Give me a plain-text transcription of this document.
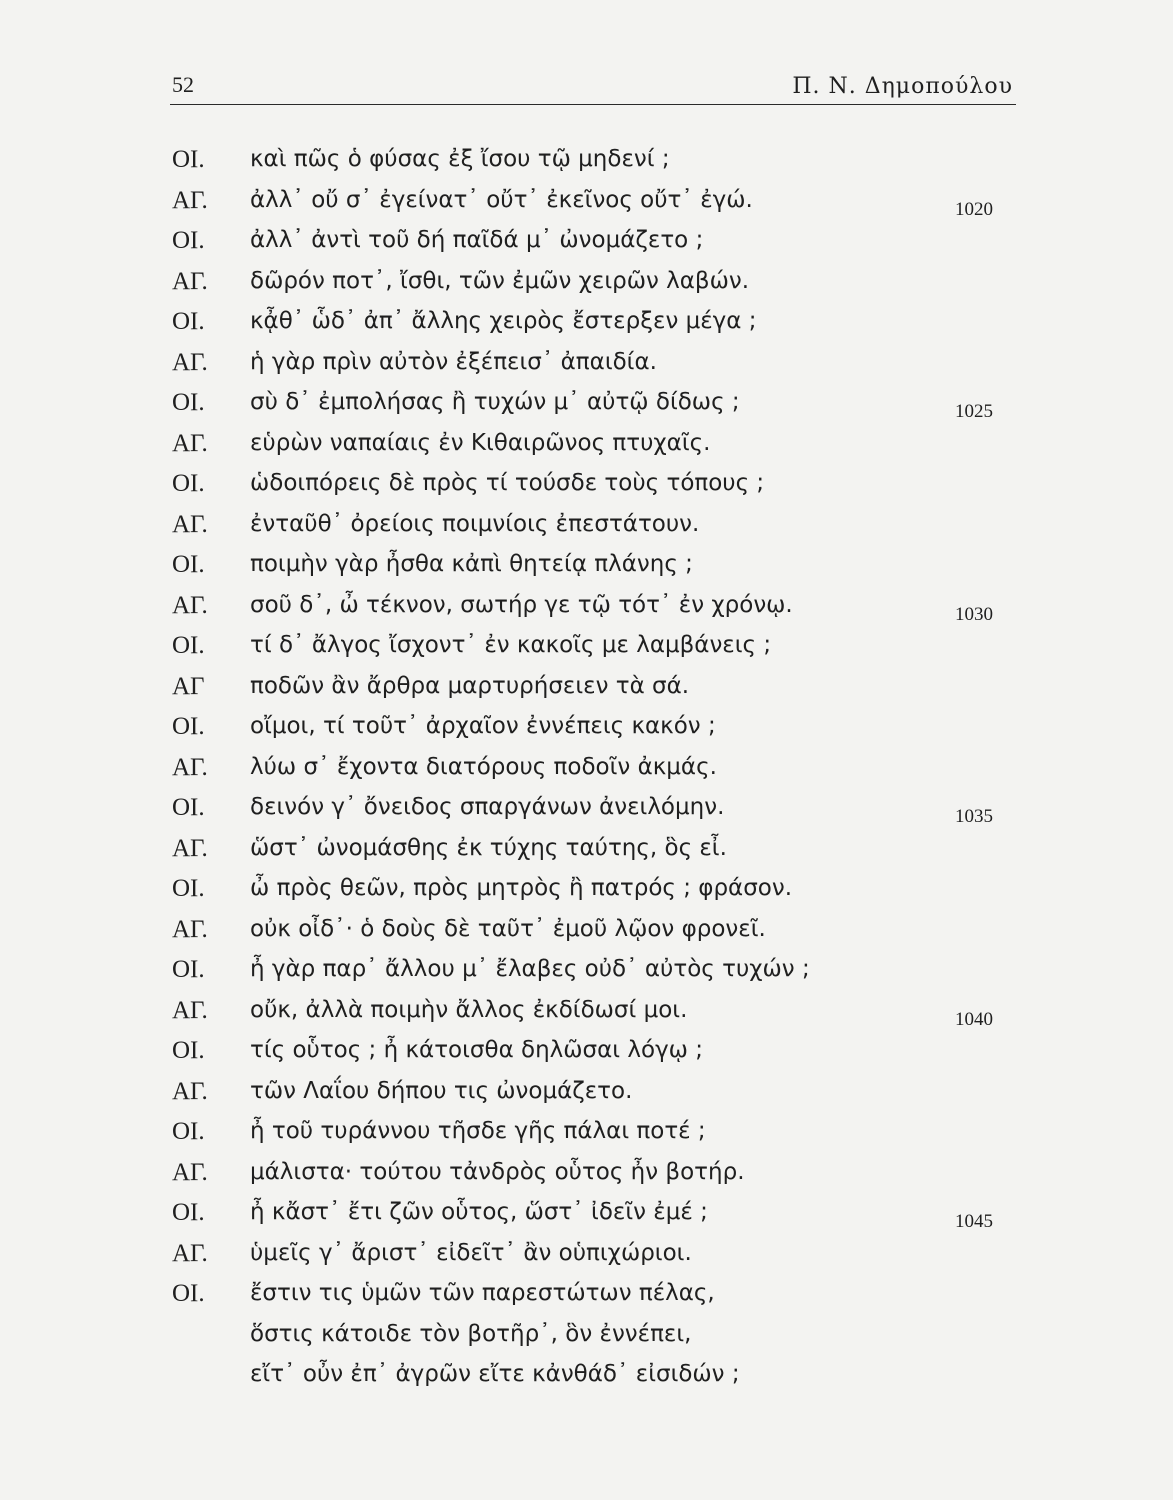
52	Π. Ν. Δημοπούλου
ΟΙ. καὶ πῶς ὁ φύσας ἐξ ἴσου τῷ μηδενί ;
ΑΓ. ἀλλ᾽ οὔ σ᾽ ἐγείνατ᾽ οὔτ᾽ ἐκεῖνος οὔτ᾽ ἐγώ.	1020
ΟΙ. ἀλλ᾽ ἀντὶ τοῦ δή παῖδά μ᾽ ὠνομάζετο ;
ΑΓ. δῶρόν ποτ᾽, ἴσθι, τῶν ἐμῶν χειρῶν λαβών.
ΟΙ. κᾆθ᾽ ὧδ᾽ ἀπ᾽ ἄλλης χειρὸς ἔστερξεν μέγα ;
ΑΓ. ἡ γὰρ πρὶν αὐτὸν ἐξέπεισ᾽ ἀπαιδία.
ΟΙ. σὺ δ᾽ ἐμπολήσας ἢ τυχών μ᾽ αὐτῷ δίδως ;	1025
ΑΓ. εὑρὼν ναπαίαις ἐν Κιθαιρῶνος πτυχαῖς.
ΟΙ. ὡδοιπόρεις δὲ πρὸς τί τούσδε τοὺς τόπους ;
ΑΓ. ἐνταῦθ᾽ ὀρείοις ποιμνίοις ἐπεστάτουν.
ΟΙ. ποιμὴν γὰρ ἦσθα κἀπὶ θητείᾳ πλάνης ;
ΑΓ. σοῦ δ᾽, ὦ τέκνον, σωτήρ γε τῷ τότ᾽ ἐν χρόνῳ.	1030
ΟΙ. τί δ᾽ ἄλγος ἴσχοντ᾽ ἐν κακοῖς με λαμβάνεις ;
ΑΓ ποδῶν ἂν ἄρθρα μαρτυρήσειεν τὰ σά.
ΟΙ. οἴμοι, τί τοῦτ᾽ ἀρχαῖον ἐννέπεις κακόν ;
ΑΓ. λύω σ᾽ ἔχοντα διατόρους ποδοῖν ἀκμάς.
ΟΙ. δεινόν γ᾽ ὄνειδος σπαργάνων ἀνειλόμην.	1035
ΑΓ. ὥστ᾽ ὠνομάσθης ἐκ τύχης ταύτης, ὃς εἶ.
ΟΙ. ὦ πρὸς θεῶν, πρὸς μητρὸς ἢ πατρός ; φράσον.
ΑΓ. οὐκ οἶδ᾽· ὁ δοὺς δὲ ταῦτ᾽ ἐμοῦ λῷον φρονεῖ.
ΟΙ. ἦ γὰρ παρ᾽ ἄλλου μ᾽ ἔλαβες οὐδ᾽ αὐτὸς τυχών ;
ΑΓ. οὔκ, ἀλλὰ ποιμὴν ἄλλος ἐκδίδωσί μοι.	1040
ΟΙ. τίς οὗτος ; ἦ κάτοισθα δηλῶσαι λόγῳ ;
ΑΓ. τῶν Λαΐου δήπου τις ὠνομάζετο.
ΟΙ. ἦ τοῦ τυράννου τῆσδε γῆς πάλαι ποτέ ;
ΑΓ. μάλιστα· τούτου τἀνδρὸς οὗτος ἦν βοτήρ.
ΟΙ. ἦ κἄστ᾽ ἔτι ζῶν οὗτος, ὥστ᾽ ἰδεῖν ἐμέ ;	1045
ΑΓ. ὑμεῖς γ᾽ ἄριστ᾽ εἰδεῖτ᾽ ἂν οὑπιχώριοι.
ΟΙ. ἔστιν τις ὑμῶν τῶν παρεστώτων πέλας,
ὅστις κάτοιδε τὸν βοτῆρ᾽, ὃν ἐννέπει,
εἴτ᾽ οὖν ἐπ᾽ ἀγρῶν εἴτε κἀνθάδ᾽ εἰσιδών ;
